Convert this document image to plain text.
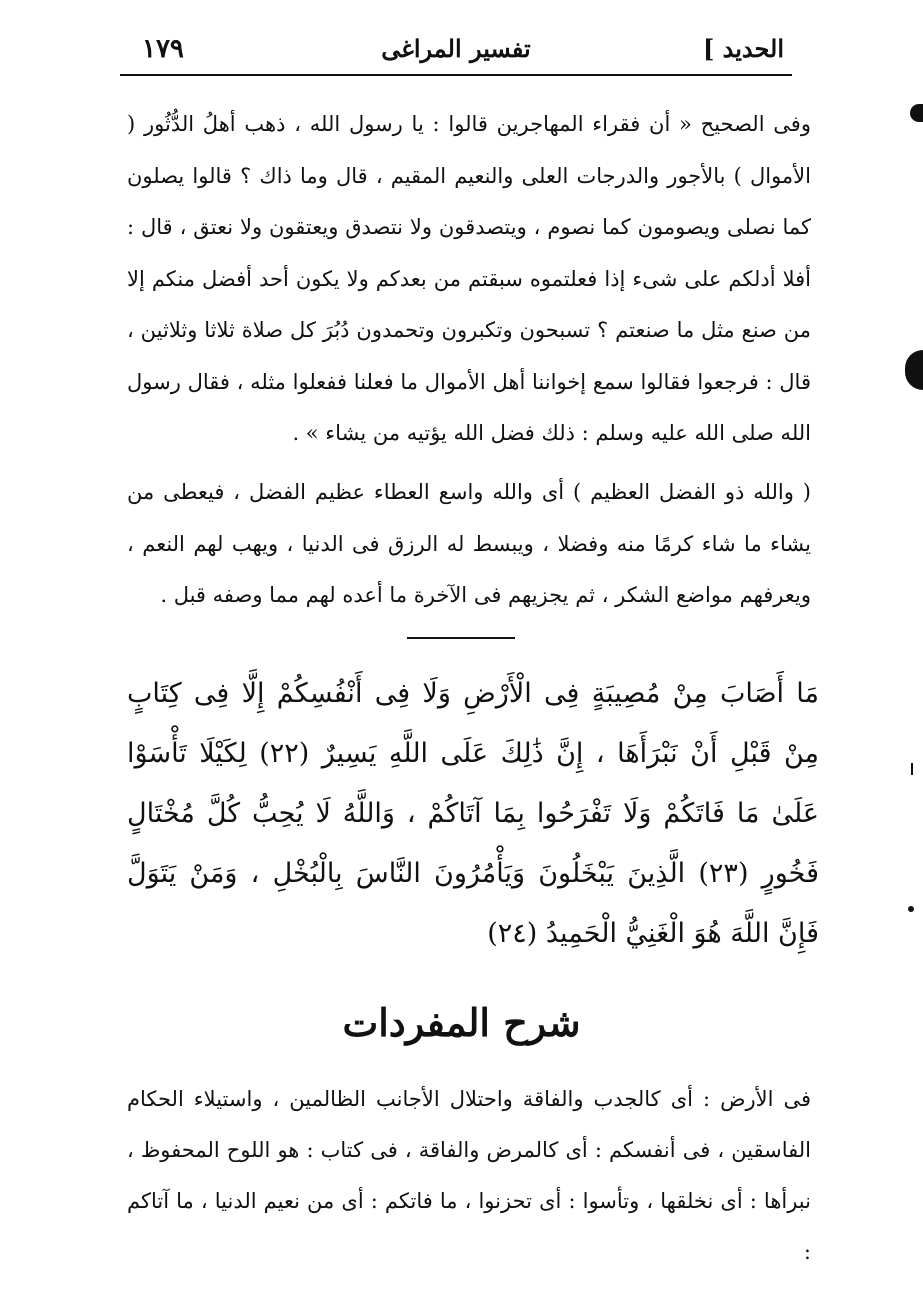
١٧٩	تفسير المراغى	الحديد ]
وفى الصحيح « أن فقراء المهاجرين قالوا : يا رسول الله ، ذهب أهلُ الدُّثُور ( الأموال ) بالأجور والدرجات العلى والنعيم المقيم ، قال وما ذاك ؟ قالوا يصلون كما نصلى ويصومون كما نصوم ، ويتصدقون ولا نتصدق ويعتقون ولا نعتق ، قال : أفلا أدلكم على شىء إذا فعلتموه سبقتم من بعدكم ولا يكون أحد أفضل منكم إلا من صنع مثل ما صنعتم ؟ تسبحون وتكبرون وتحمدون دُبُرَ كل صلاة ثلاثا وثلاثين ، قال : فرجعوا فقالوا سمع إخواننا أهل الأموال ما فعلنا ففعلوا مثله ، فقال رسول الله صلى الله عليه وسلم : ذلك فضل الله يؤتيه من يشاء » .
( والله ذو الفضل العظيم ) أى والله واسع العطاء عظيم الفضل ، فيعطى من يشاء ما شاء كرمًا منه وفضلا ، ويبسط له الرزق فى الدنيا ، ويهب لهم النعم ، ويعرفهم مواضع الشكر ، ثم يجزيهم فى الآخرة ما أعده لهم مما وصفه قبل .
مَا أَصَابَ مِنْ مُصِيبَةٍ فِى الْأَرْضِ وَلَا فِى أَنْفُسِكُمْ إِلَّا فِى كِتَابٍ مِنْ قَبْلِ أَنْ نَبْرَأَهَا ، إِنَّ ذَٰلِكَ عَلَى اللَّهِ يَسِيرٌ (٢٢) لِكَيْلَا تَأْسَوْا عَلَىٰ مَا فَاتَكُمْ وَلَا تَفْرَحُوا بِمَا آتَاكُمْ ، وَاللَّهُ لَا يُحِبُّ كُلَّ مُخْتَالٍ فَخُورٍ (٢٣) الَّذِينَ يَبْخَلُونَ وَيَأْمُرُونَ النَّاسَ بِالْبُخْلِ ، وَمَنْ يَتَوَلَّ فَإِنَّ اللَّهَ هُوَ الْغَنِيُّ الْحَمِيدُ (٢٤)
شرح المفردات
فى الأرض : أى كالجدب والفاقة واحتلال الأجانب الظالمين ، واستيلاء الحكام الفاسقين ، فى أنفسكم : أى كالمرض والفاقة ، فى كتاب : هو اللوح المحفوظ ، نبرأها : أى نخلقها ، وتأسوا : أى تحزنوا ، ما فاتكم : أى من نعيم الدنيا ، ما آتاكم :
